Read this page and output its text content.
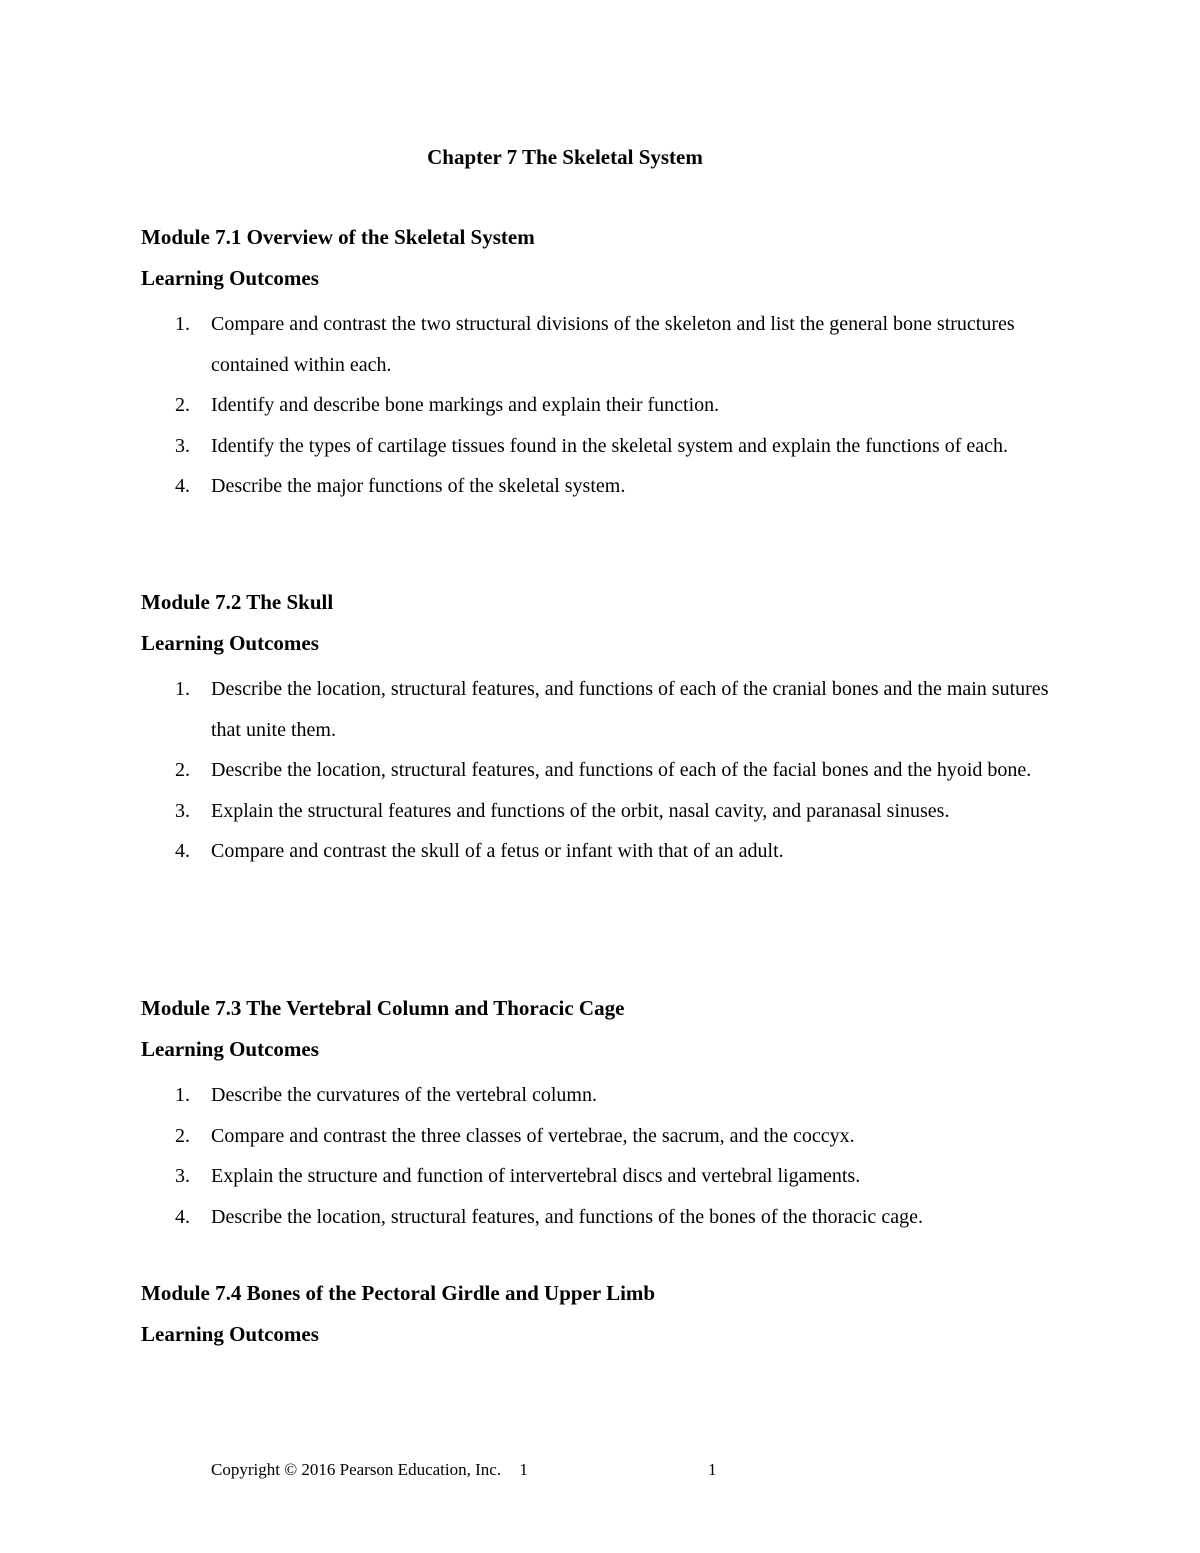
Chapter 7 The Skeletal System
Module 7.1 Overview of the Skeletal System
Learning Outcomes
1. Compare and contrast the two structural divisions of the skeleton and list the general bone structures contained within each.
2. Identify and describe bone markings and explain their function.
3. Identify the types of cartilage tissues found in the skeletal system and explain the functions of each.
4. Describe the major functions of the skeletal system.
Module 7.2 The Skull
Learning Outcomes
1. Describe the location, structural features, and functions of each of the cranial bones and the main sutures that unite them.
2. Describe the location, structural features, and functions of each of the facial bones and the hyoid bone.
3. Explain the structural features and functions of the orbit, nasal cavity, and paranasal sinuses.
4. Compare and contrast the skull of a fetus or infant with that of an adult.
Module 7.3 The Vertebral Column and Thoracic Cage
Learning Outcomes
1. Describe the curvatures of the vertebral column.
2. Compare and contrast the three classes of vertebrae, the sacrum, and the coccyx.
3. Explain the structure and function of intervertebral discs and vertebral ligaments.
4. Describe the location, structural features, and functions of the bones of the thoracic cage.
Module 7.4 Bones of the Pectoral Girdle and Upper Limb
Learning Outcomes
Copyright © 2016 Pearson Education, Inc. 1	1
